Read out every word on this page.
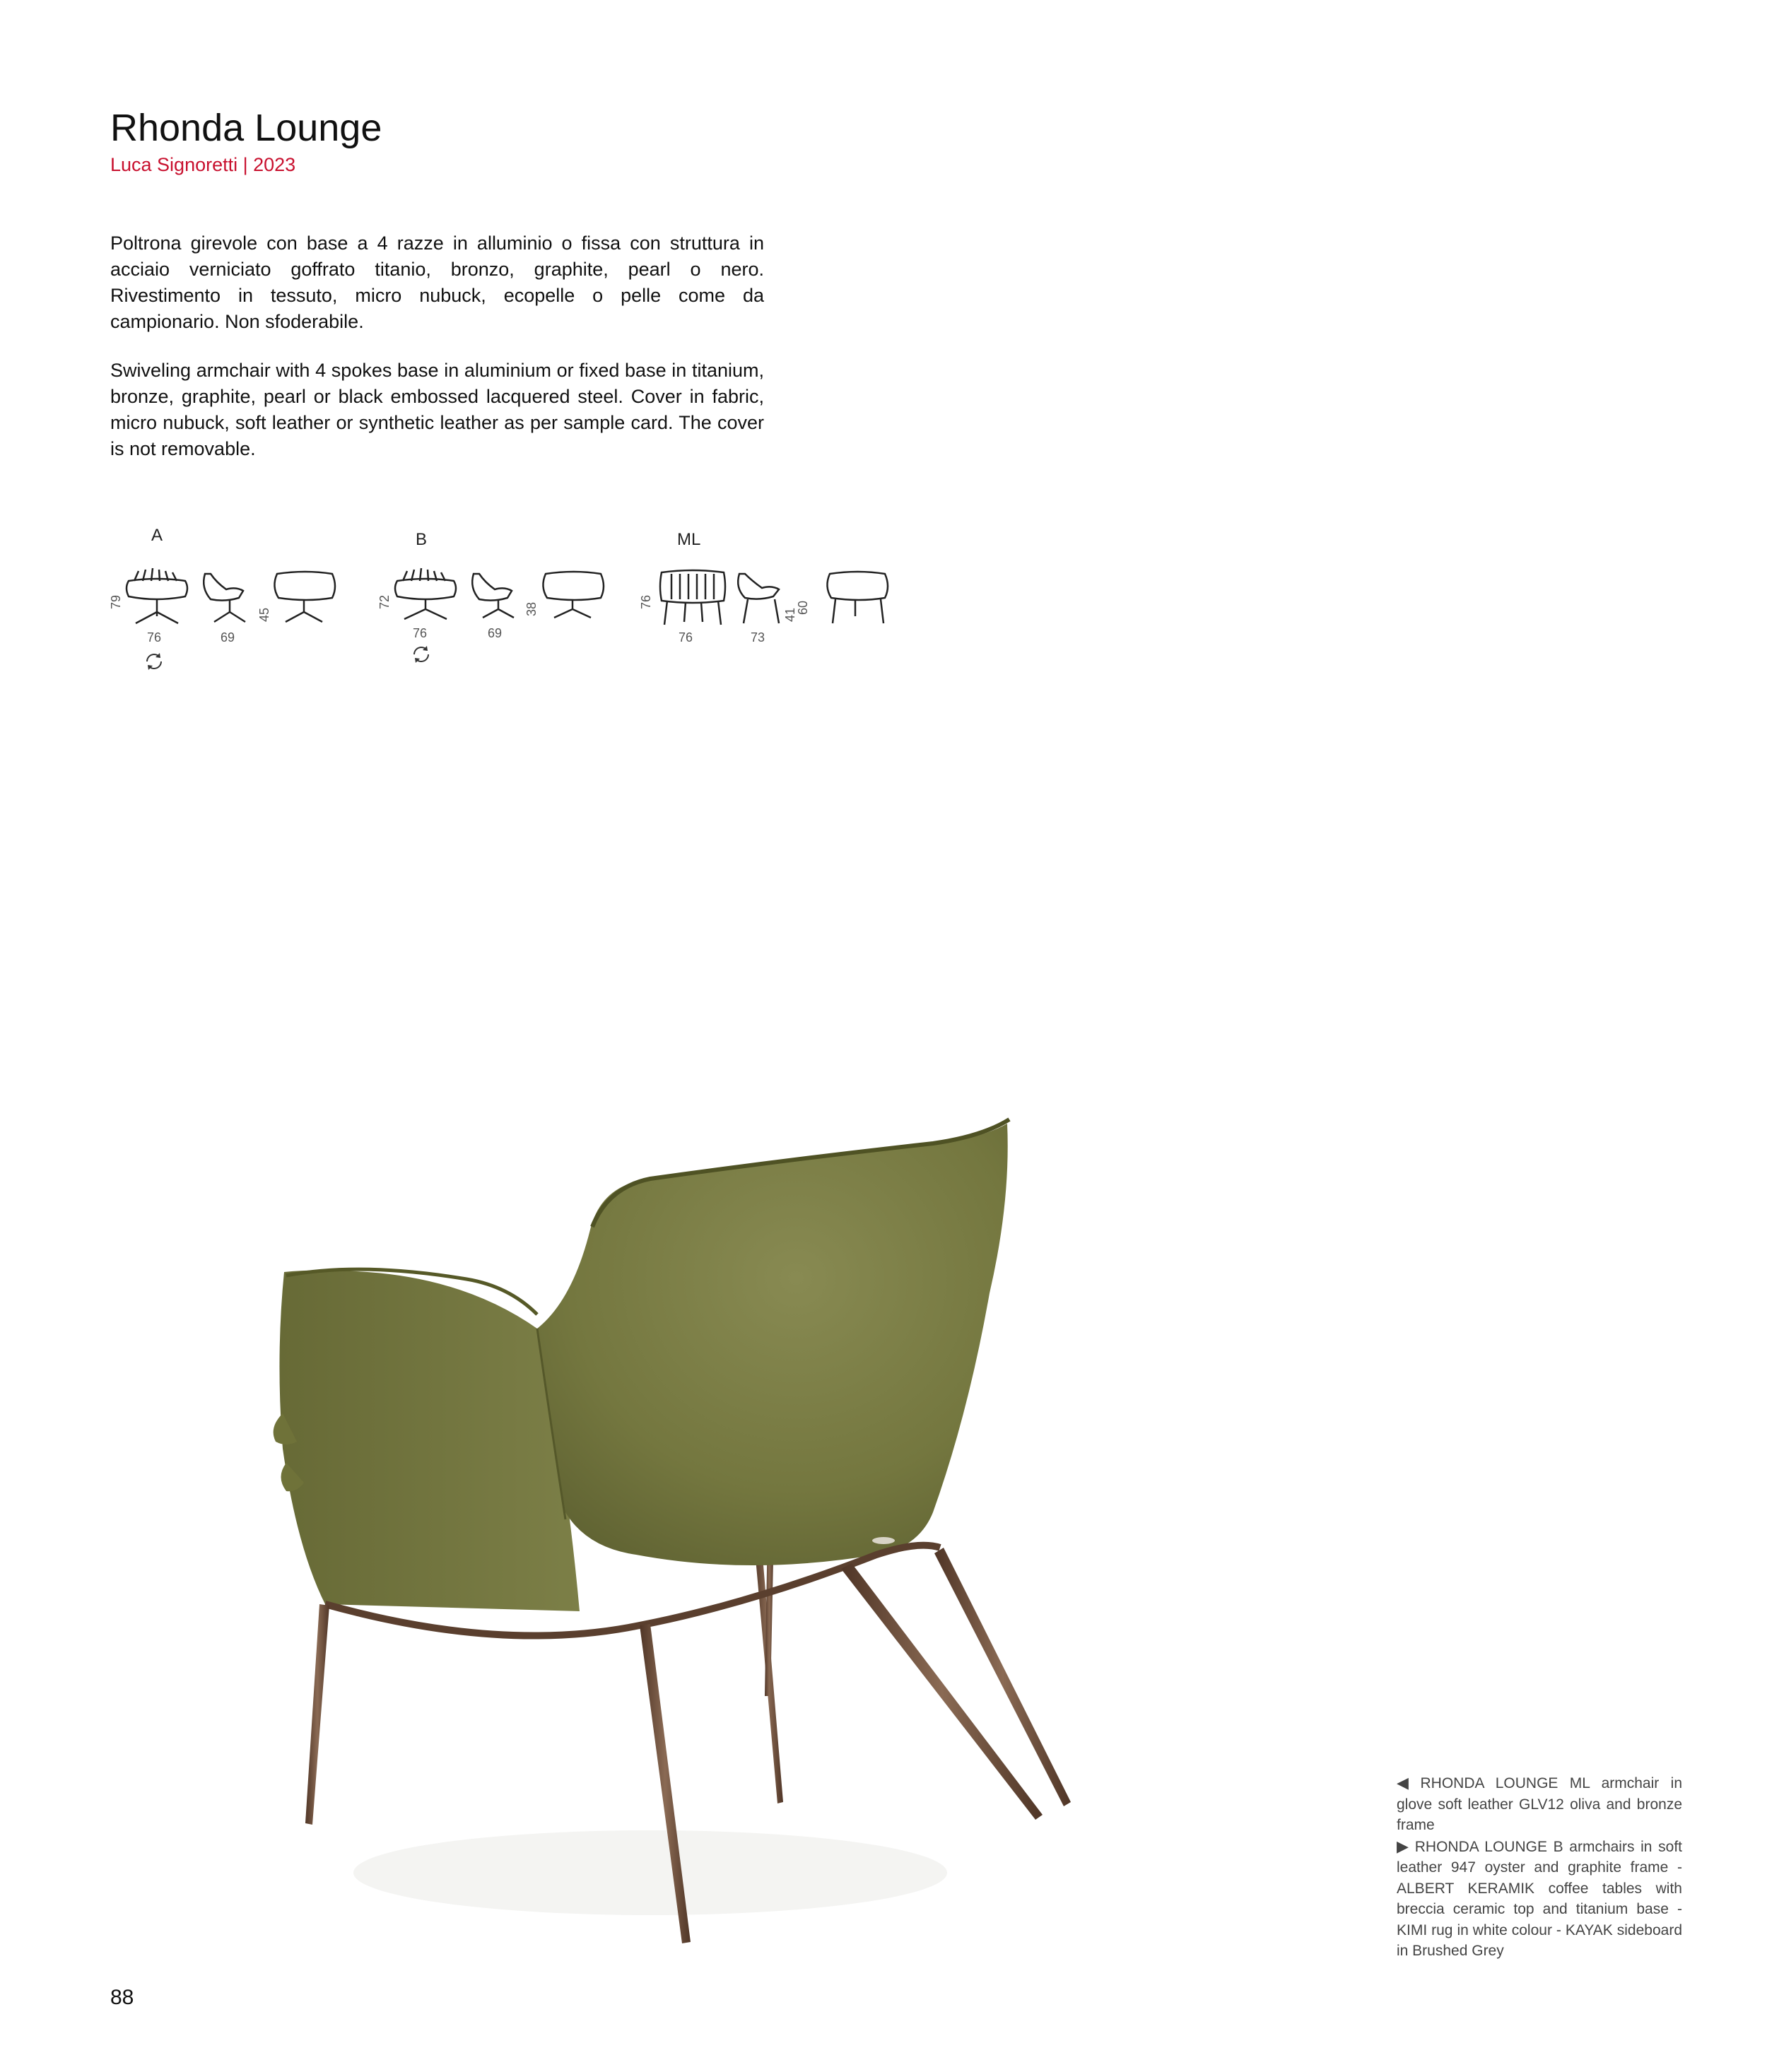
Rhonda Lounge
Luca Signoretti | 2023

Poltrona girevole con base a 4 razze in alluminio o fissa con struttura in acciaio verniciato goffrato titanio, bronzo, graphite, pearl o nero. Rivestimento in tessuto, micro nubuck, ecopelle o pelle come da campionario. Non sfoderabile.

Swiveling armchair with 4 spokes base in aluminium or fixed base in titanium, bronze, graphite, pearl or black embossed lacquered steel. Cover in fabric, micro nubuck, soft leather or synthetic leather as per sample card. The cover is not removable.

A
79
76	69
45
B
72
76	69
38
ML
76
76	73
41
60

◀ RHONDA LOUNGE ML armchair in glove soft leather GLV12 oliva and bronze frame

▶ RHONDA LOUNGE B armchairs in soft leather 947 oyster and graphite frame - ALBERT KERAMIK coffee tables with breccia ceramic top and titanium base - KIMI rug in white colour - KAYAK sideboard in Brushed Grey

88
